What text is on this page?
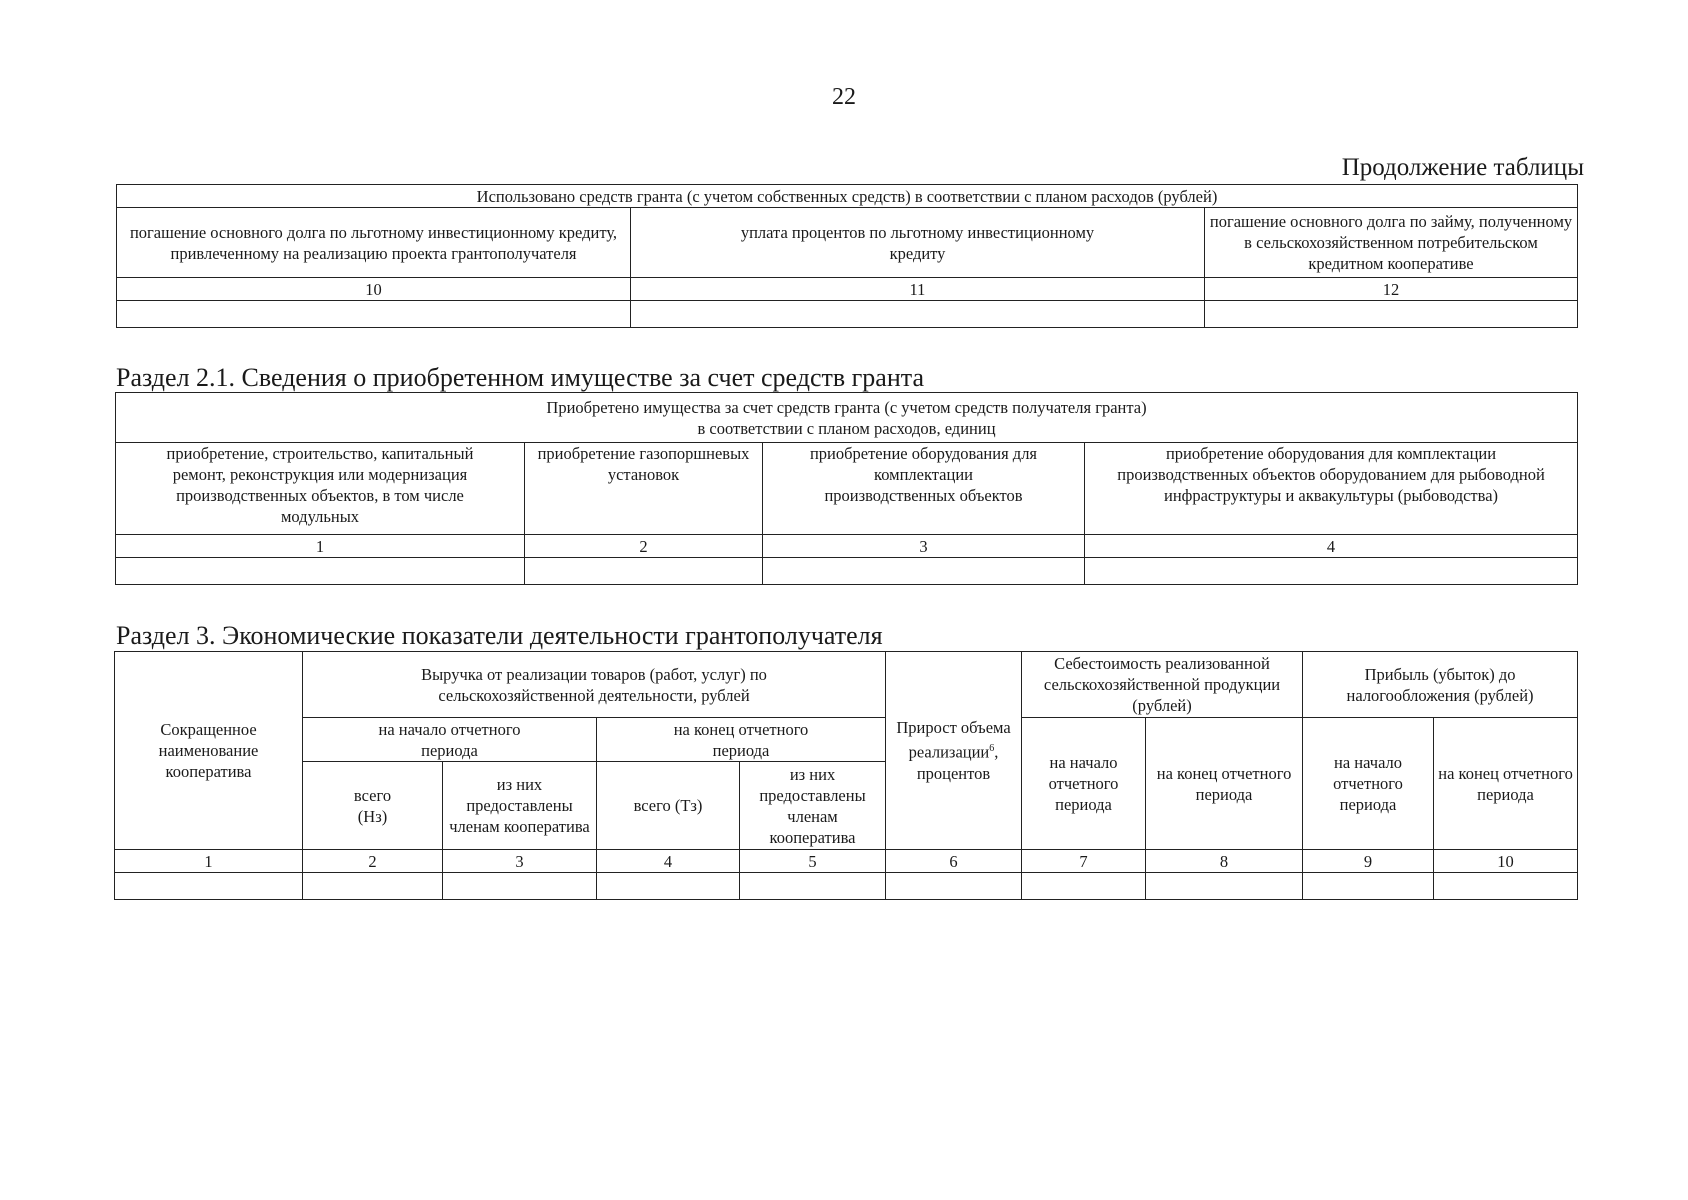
22
Продолжение таблицы
Использовано средств гранта (с учетом собственных средств) в соответствии с планом расходов (рублей)		
погашение основного долга по льготному инвестиционному кредиту, привлеченному на реализацию проекта грантополучателя	уплата процентов по льготному инвестиционному кредиту	погашение основного долга по займу, полученному в сельскохозяйственном потребительском кредитном кооперативе
10	11	12

Раздел 2.1. Сведения о приобретенном имуществе за счет средств гранта
Приобретено имущества за счет средств гранта (с учетом средств получателя гранта)
в соответствии с планом расходов, единиц			

приобретение, строительство, капитальный ремонт, реконструкция или модернизация производственных объектов, в том числе модульных	приобретение газопоршневых установок	приобретение оборудования для комплектации производственных объектов	приобретение оборудования для комплектации производственных объектов оборудованием для рыбоводной инфраструктуры и аквакультуры (рыбоводства)
1	2	3	4

Раздел 3. Экономические показатели деятельности грантополучателя
Сокращенное наименование кооператива	Выручка от реализации товаров (работ, услуг) по сельскохозяйственной деятельности, рублей				Прирост объема реализации$^6$, процентов	Себестоимость реализованной сельскохозяйственной продукции (рублей)		Прибыль (убыток) до налогообложения (рублей)	
	на начало отчетного периода		на конец отчетного периода			на начало отчетного периода	на конец отчетного периода	на начало отчетного периода	на конец отчетного периода
	всего (Нз)	из них предоставлены членам кооператива	всего (Тз)	из них предоставлены членам кооператива					
1	2	3	4	5	6	7	8	9	10
